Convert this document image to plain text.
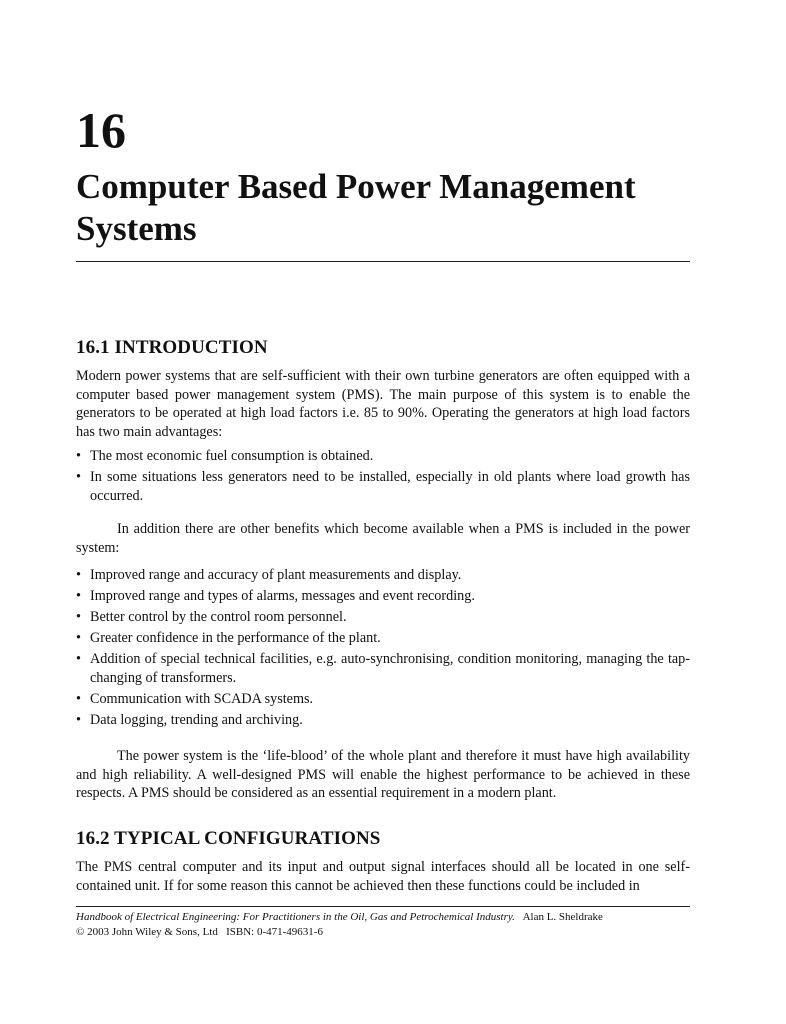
16
Computer Based Power Management Systems
16.1 INTRODUCTION

Modern power systems that are self-sufficient with their own turbine generators are often equipped with a computer based power management system (PMS). The main purpose of this system is to enable the generators to be operated at high load factors i.e. 85 to 90%. Operating the generators at high load factors has two main advantages:

• The most economic fuel consumption is obtained.
• In some situations less generators need to be installed, especially in old plants where load growth has occurred.

In addition there are other benefits which become available when a PMS is included in the power system:

• Improved range and accuracy of plant measurements and display.
• Improved range and types of alarms, messages and event recording.
• Better control by the control room personnel.
• Greater confidence in the performance of the plant.
• Addition of special technical facilities, e.g. auto-synchronising, condition monitoring, managing the tap-changing of transformers.
• Communication with SCADA systems.
• Data logging, trending and archiving.

The power system is the ‘life-blood’ of the whole plant and therefore it must have high availability and high reliability. A well-designed PMS will enable the highest performance to be achieved in these respects. A PMS should be considered as an essential requirement in a modern plant.

16.2 TYPICAL CONFIGURATIONS

The PMS central computer and its input and output signal interfaces should all be located in one self-contained unit. If for some reason this cannot be achieved then these functions could be included in

Handbook of Electrical Engineering: For Practitioners in the Oil, Gas and Petrochemical Industry. Alan L. Sheldrake
© 2003 John Wiley & Sons, Ltd ISBN: 0-471-49631-6
